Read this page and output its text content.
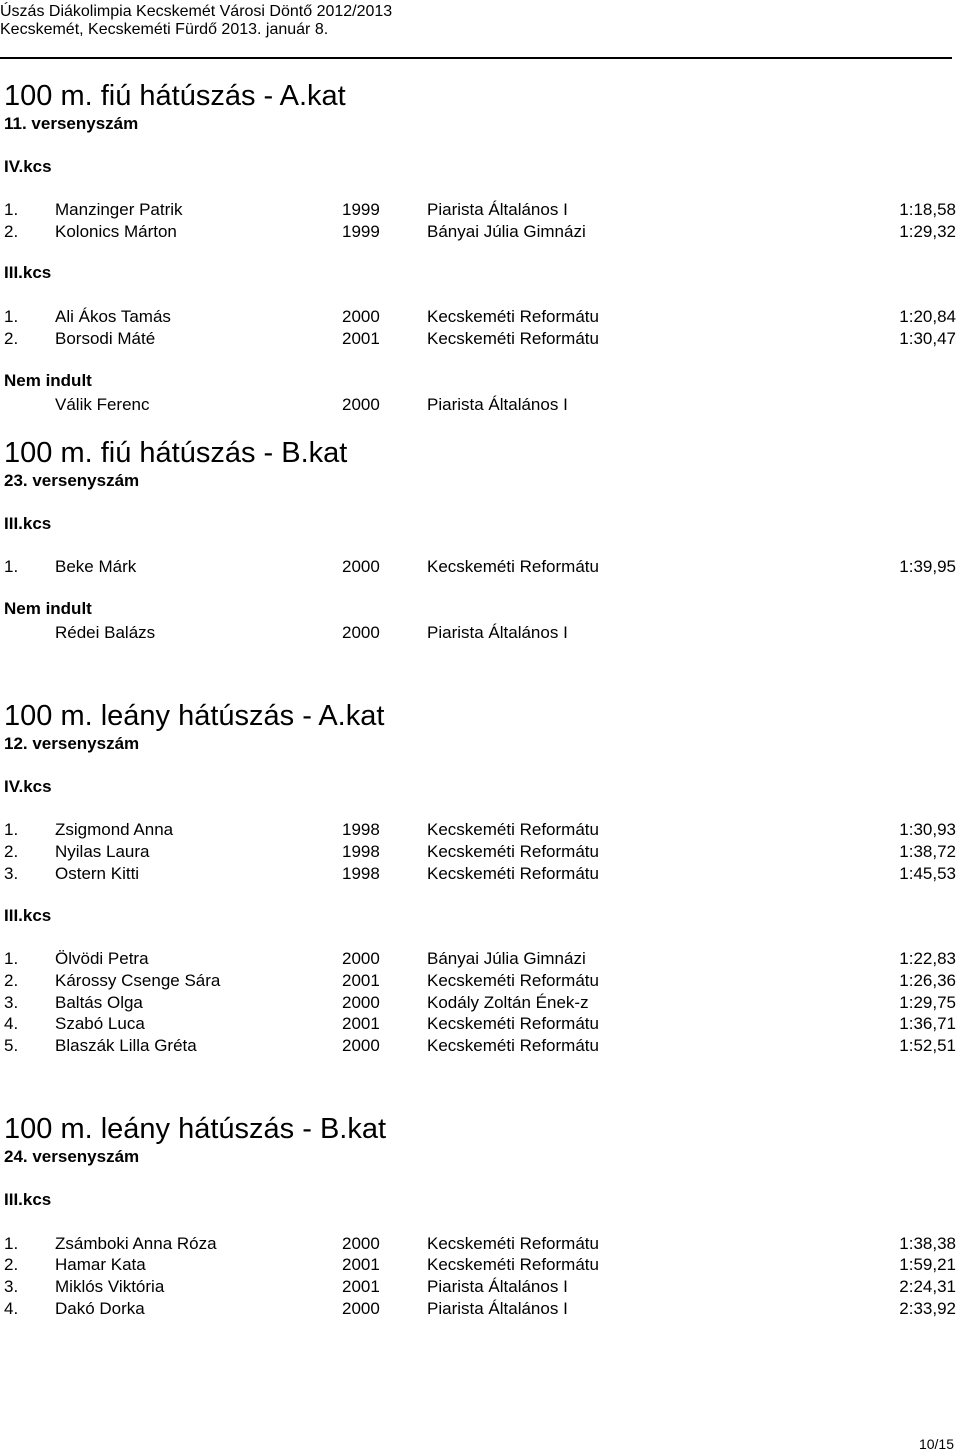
Úszás Diákolimpia Kecskemét Városi Döntő 2012/2013
Kecskemét, Kecskeméti Fürdő 2013. január 8.
100 m. fiú hátúszás - A.kat
11. versenyszám
IV.kcs
1. Manzinger Patrik	1999	Piarista Általános I	1:18,58
2. Kolonics Márton	1999	Bányai Júlia Gimnázi	1:29,32
III.kcs
1. Ali Ákos Tamás	2000	Kecskeméti Reformátu	1:20,84
2. Borsodi Máté	2001	Kecskeméti Reformátu	1:30,47
Nem indult
Válik Ferenc	2000	Piarista Általános I
100 m. fiú hátúszás - B.kat
23. versenyszám
III.kcs
1. Beke Márk	2000	Kecskeméti Reformátu	1:39,95
Nem indult
Rédei Balázs	2000	Piarista Általános I
100 m. leány hátúszás - A.kat
12. versenyszám
IV.kcs
1. Zsigmond Anna	1998	Kecskeméti Reformátu	1:30,93
2. Nyilas Laura	1998	Kecskeméti Reformátu	1:38,72
3. Ostern Kitti	1998	Kecskeméti Reformátu	1:45,53
III.kcs
1. Ölvödi Petra	2000	Bányai Júlia Gimnázi	1:22,83
2. Károssy Csenge Sára	2001	Kecskeméti Reformátu	1:26,36
3. Baltás Olga	2000	Kodály Zoltán Ének-z	1:29,75
4. Szabó Luca	2001	Kecskeméti Reformátu	1:36,71
5. Blaszák Lilla Gréta	2000	Kecskeméti Reformátu	1:52,51
100 m. leány hátúszás - B.kat
24. versenyszám
III.kcs
1. Zsámboki Anna Róza	2000	Kecskeméti Reformátu	1:38,38
2. Hamar Kata	2001	Kecskeméti Reformátu	1:59,21
3. Miklós Viktória	2001	Piarista Általános I	2:24,31
4. Dakó Dorka	2000	Piarista Általános I	2:33,92
10/15
